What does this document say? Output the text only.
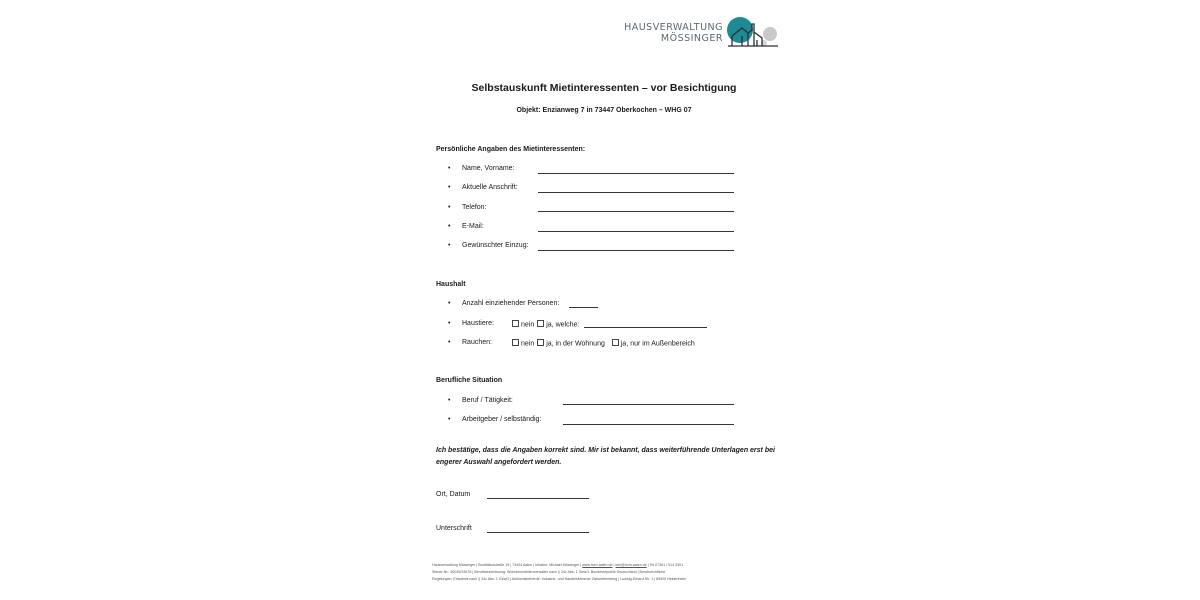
HAUSVERWALTUNG
MÖSSINGER
Selbstauskunft Mietinteressenten – vor Besichtigung
Objekt: Enzianweg 7 in 73447 Oberkochen – WHG 07
Persönliche Angaben des Mietinteressenten:
•	Name, Vorname:
•	Aktuelle Anschrift:
•	Telefon:
•	E-Mail:
•	Gewünschter Einzug:
Haushalt
•	Anzahl einziehender Personen:
•	Haustiere:	nein	ja, welche:
•	Rauchen:	nein	ja, in der Wohnung	ja, nur im Außenbereich
Berufliche Situation
•	Beruf / Tätigkeit:
•	Arbeitgeber / selbständig:
Ich bestätige, dass die Angaben korrekt sind. Mir ist bekannt, dass weiterführende Unterlagen erst bei engerer Auswahl angefordert werden.
Ort, Datum
Unterschrift
Hausverwaltung Mössinger | Bonifatiusstraße 19 | 73434 Aalen | Inhaber: Michael Mössinger | www.hvm-aalen.de | info@hvm-aalen.de | Tel.07361 / 914 3301
Steuer-Nr.: 50039/33678 | Berufsbezeichnung: Wohnimmobilienverwalter nach § 34c Abs. 1 GewO, Bundesrepublik Deutschland | Berufsrechtliche
Regelungen: Erlaubnis nach § 34c Abs. 1 GewO | Aufsichtsbehörde: Industrie- und Handelskammer Ostwürttemberg | Ludwig-Erhard-Str. 1 | 89520 Heidenheim
